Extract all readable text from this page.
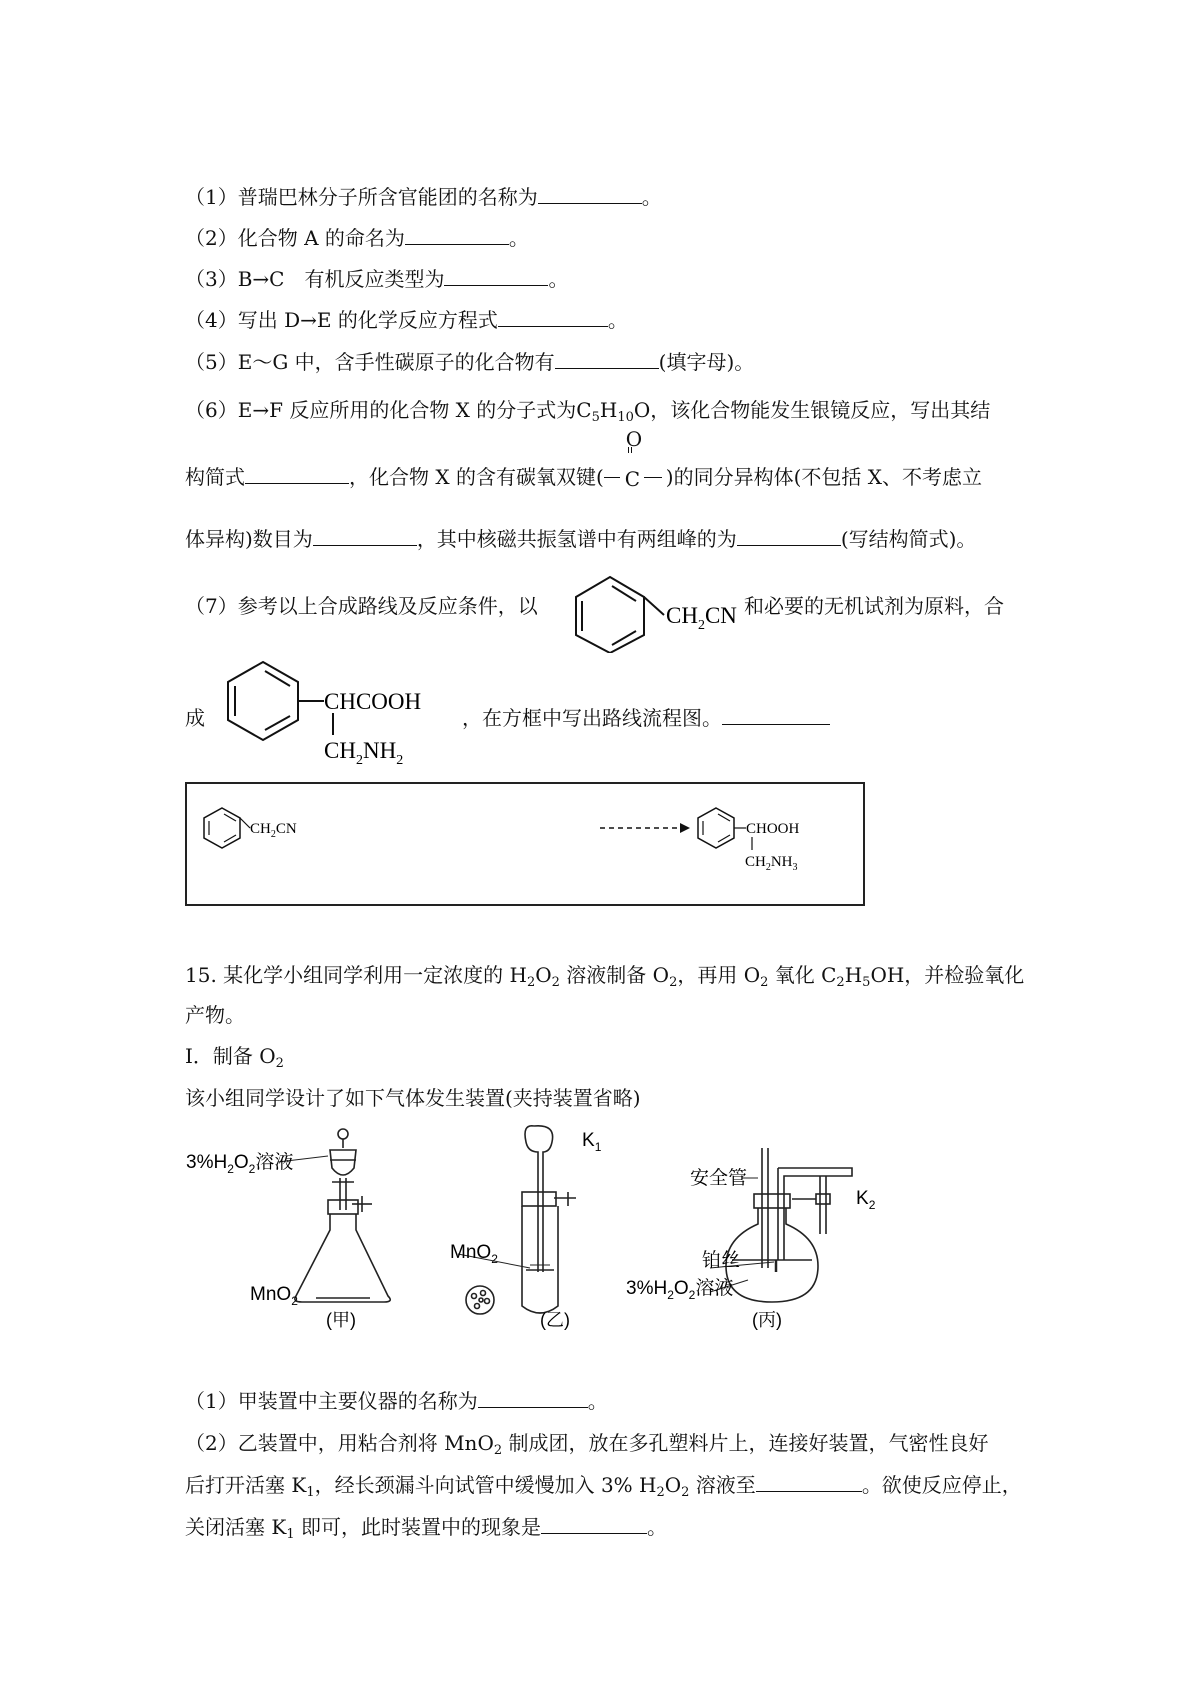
（1）普瑞巴林分子所含官能团的名称为	。
（2）化合物 A 的命名为	。
（3）B→C　有机反应类型为	。
（4）写出 D→E 的化学反应方程式	。
（5）E～G 中，含手性碳原子的化合物有	(填字母)。
（6）E→F 反应所用的化合物 X 的分子式为$C_5H_{10}O$，该化合物能发生银镜反应，写出其结
构简式	，化合物 X 的含有碳氧双键( $\frac{O}{C}$ )的同分异构体(不包括 X、不考虑立
体异构)数目为	，其中核磁共振氢谱中有两组峰的为	(写结构简式)。
（7）参考以上合成路线及反应条件，以	$CH_2CN$ 和必要的无机试剂为原料，合
成
CHCOOH
$CH_2NH_2$
，在方框中写出路线流程图。
$CH_2CN$	CHOOH
$CH_2NH_3$
15. 某化学小组同学利用一定浓度的 $H_2O_2$ 溶液制备 $O_2$，再用 $O_2$ 氧化 $C_2H_5OH$，并检验氧化
产物。
Ⅰ．制备 $O_2$
该小组同学设计了如下气体发生装置(夹持装置省略)
$3\%H_2O_2$溶液
MnO$_2$
(甲)
$K_1$
MnO$_2$
(乙)
安全管
$K_2$
铂丝
$3\%H_2O_2$溶液
(丙)
（1）甲装置中主要仪器的名称为	。
（2）乙装置中，用粘合剂将 MnO$_2$ 制成团，放在多孔塑料片上，连接好装置，气密性良好
后打开活塞 $K_1$，经长颈漏斗向试管中缓慢加入 3% $H_2O_2$ 溶液至	。欲使反应停止，
关闭活塞 $K_1$ 即可，此时装置中的现象是	。
